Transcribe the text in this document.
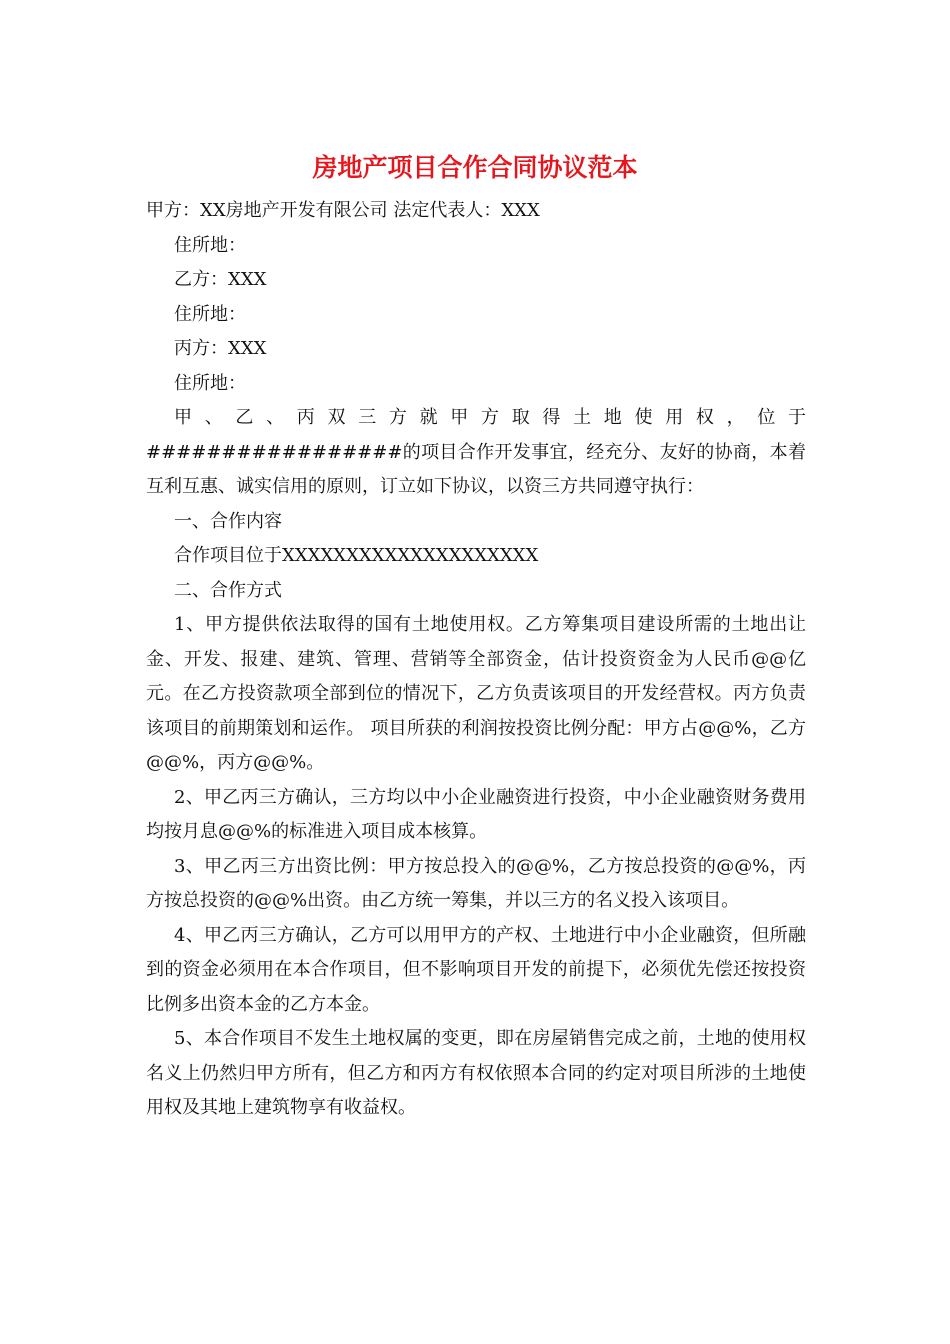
房地产项目合作合同协议范本
甲方：XX房地产开发有限公司 法定代表人：XXX
住所地：
乙方：XXX
住所地：
丙方：XXX
住所地：

甲、乙、丙双三方就甲方取得土地使用权，位于#################的项目合作开发事宜，经充分、友好的协商，本着互利互惠、诚实信用的原则，订立如下协议，以资三方共同遵守执行：

一、合作内容
合作项目位于XXXXXXXXXXXXXXXXXXXX
二、合作方式

1、甲方提供依法取得的国有土地使用权。乙方筹集项目建设所需的土地出让金、开发、报建、建筑、管理、营销等全部资金，估计投资资金为人民币@@亿元。在乙方投资款项全部到位的情况下，乙方负责该项目的开发经营权。丙方负责该项目的前期策划和运作。 项目所获的利润按投资比例分配：甲方占@@%，乙方@@%，丙方@@%。

2、甲乙丙三方确认，三方均以中小企业融资进行投资，中小企业融资财务费用均按月息@@%的标准进入项目成本核算。

3、甲乙丙三方出资比例：甲方按总投入的@@%，乙方按总投资的@@%，丙方按总投资的@@%出资。由乙方统一筹集，并以三方的名义投入该项目。

4、甲乙丙三方确认，乙方可以用甲方的产权、土地进行中小企业融资，但所融到的资金必须用在本合作项目，但不影响项目开发的前提下，必须优先偿还按投资比例多出资本金的乙方本金。

5、本合作项目不发生土地权属的变更，即在房屋销售完成之前，土地的使用权名义上仍然归甲方所有，但乙方和丙方有权依照本合同的约定对项目所涉的土地使用权及其地上建筑物享有收益权。
